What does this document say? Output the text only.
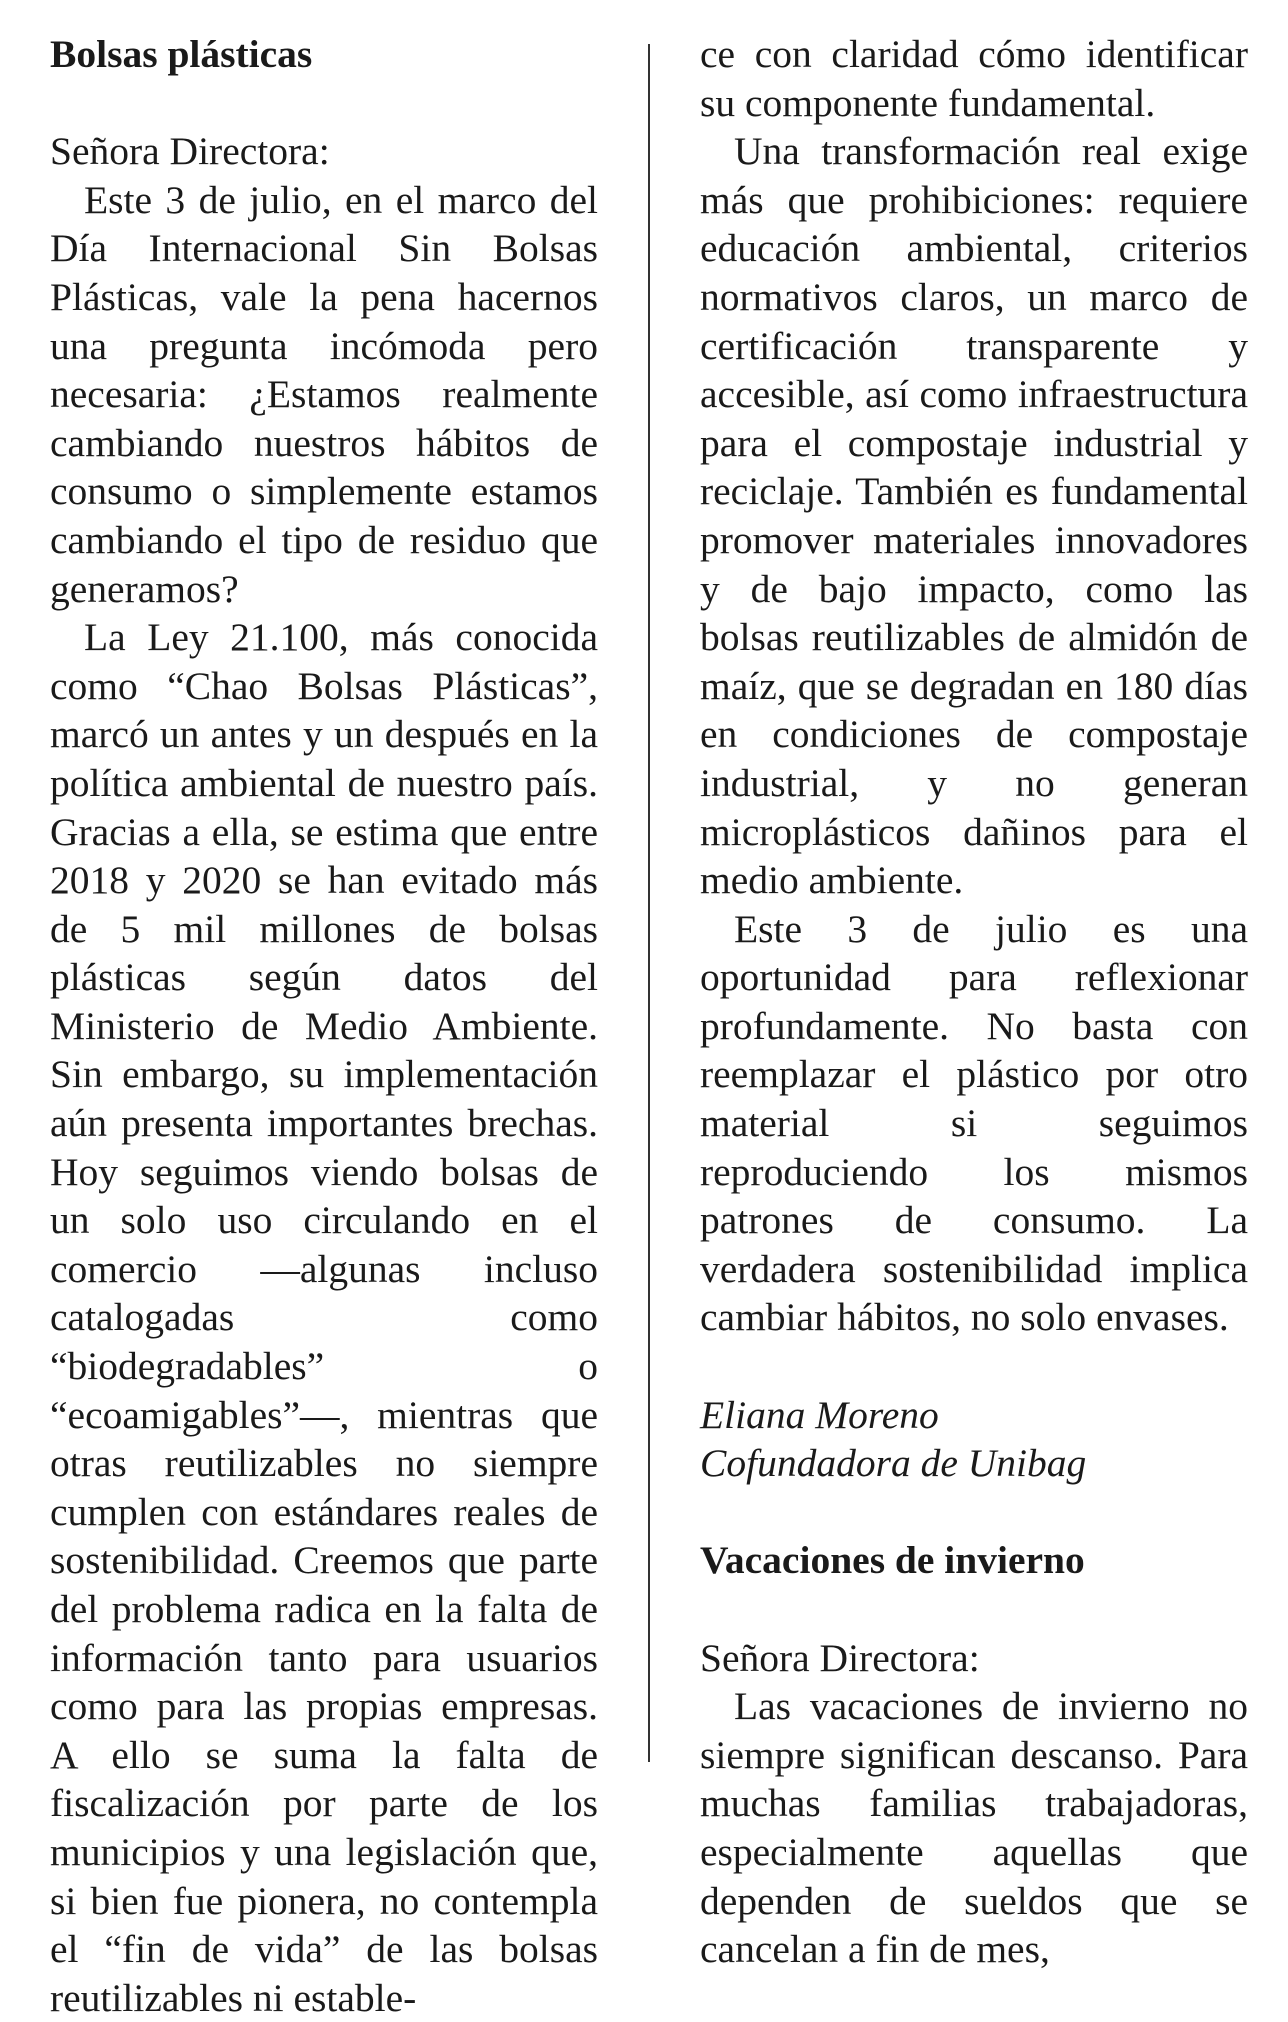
Bolsas plásticas

Señora Directora:

Este 3 de julio, en el marco del Día Internacional Sin Bolsas Plásticas, vale la pena hacernos una pregunta incómoda pero necesaria: ¿Estamos realmente cambiando nuestros hábitos de consumo o simplemente estamos cambiando el tipo de residuo que generamos?

La Ley 21.100, más conocida como “Chao Bolsas Plásticas”, marcó un antes y un después en la política ambiental de nuestro país. Gracias a ella, se estima que entre 2018 y 2020 se han evitado más de 5 mil millones de bolsas plásticas según datos del Ministerio de Medio Ambiente. Sin embargo, su implementación aún presenta importantes brechas. Hoy seguimos viendo bolsas de un solo uso circulando en el comercio —algunas incluso catalogadas como “biodegradables” o “ecoamigables”—, mientras que otras reutilizables no siempre cumplen con estándares reales de sostenibilidad. Creemos que parte del problema radica en la falta de información tanto para usuarios como para las propias empresas. A ello se suma la falta de fiscalización por parte de los municipios y una legislación que, si bien fue pionera, no contempla el “fin de vida” de las bolsas reutilizables ni estable-

ce con claridad cómo identificar su componente fundamental.

Una transformación real exige más que prohibiciones: requiere educación ambiental, criterios normativos claros, un marco de certificación transparente y accesible, así como infraestructura para el compostaje industrial y reciclaje. También es fundamental promover materiales innovadores y de bajo impacto, como las bolsas reutilizables de almidón de maíz, que se degradan en 180 días en condiciones de compostaje industrial, y no generan microplásticos dañinos para el medio ambiente.

Este 3 de julio es una oportunidad para reflexionar profundamente. No basta con reemplazar el plástico por otro material si seguimos reproduciendo los mismos patrones de consumo. La verdadera sostenibilidad implica cambiar hábitos, no solo envases.

Eliana Moreno

Cofundadora de Unibag

Vacaciones de invierno

Señora Directora:

Las vacaciones de invierno no siempre significan descanso. Para muchas familias trabajadoras, especialmente aquellas que dependen de sueldos que se cancelan a fin de mes,
